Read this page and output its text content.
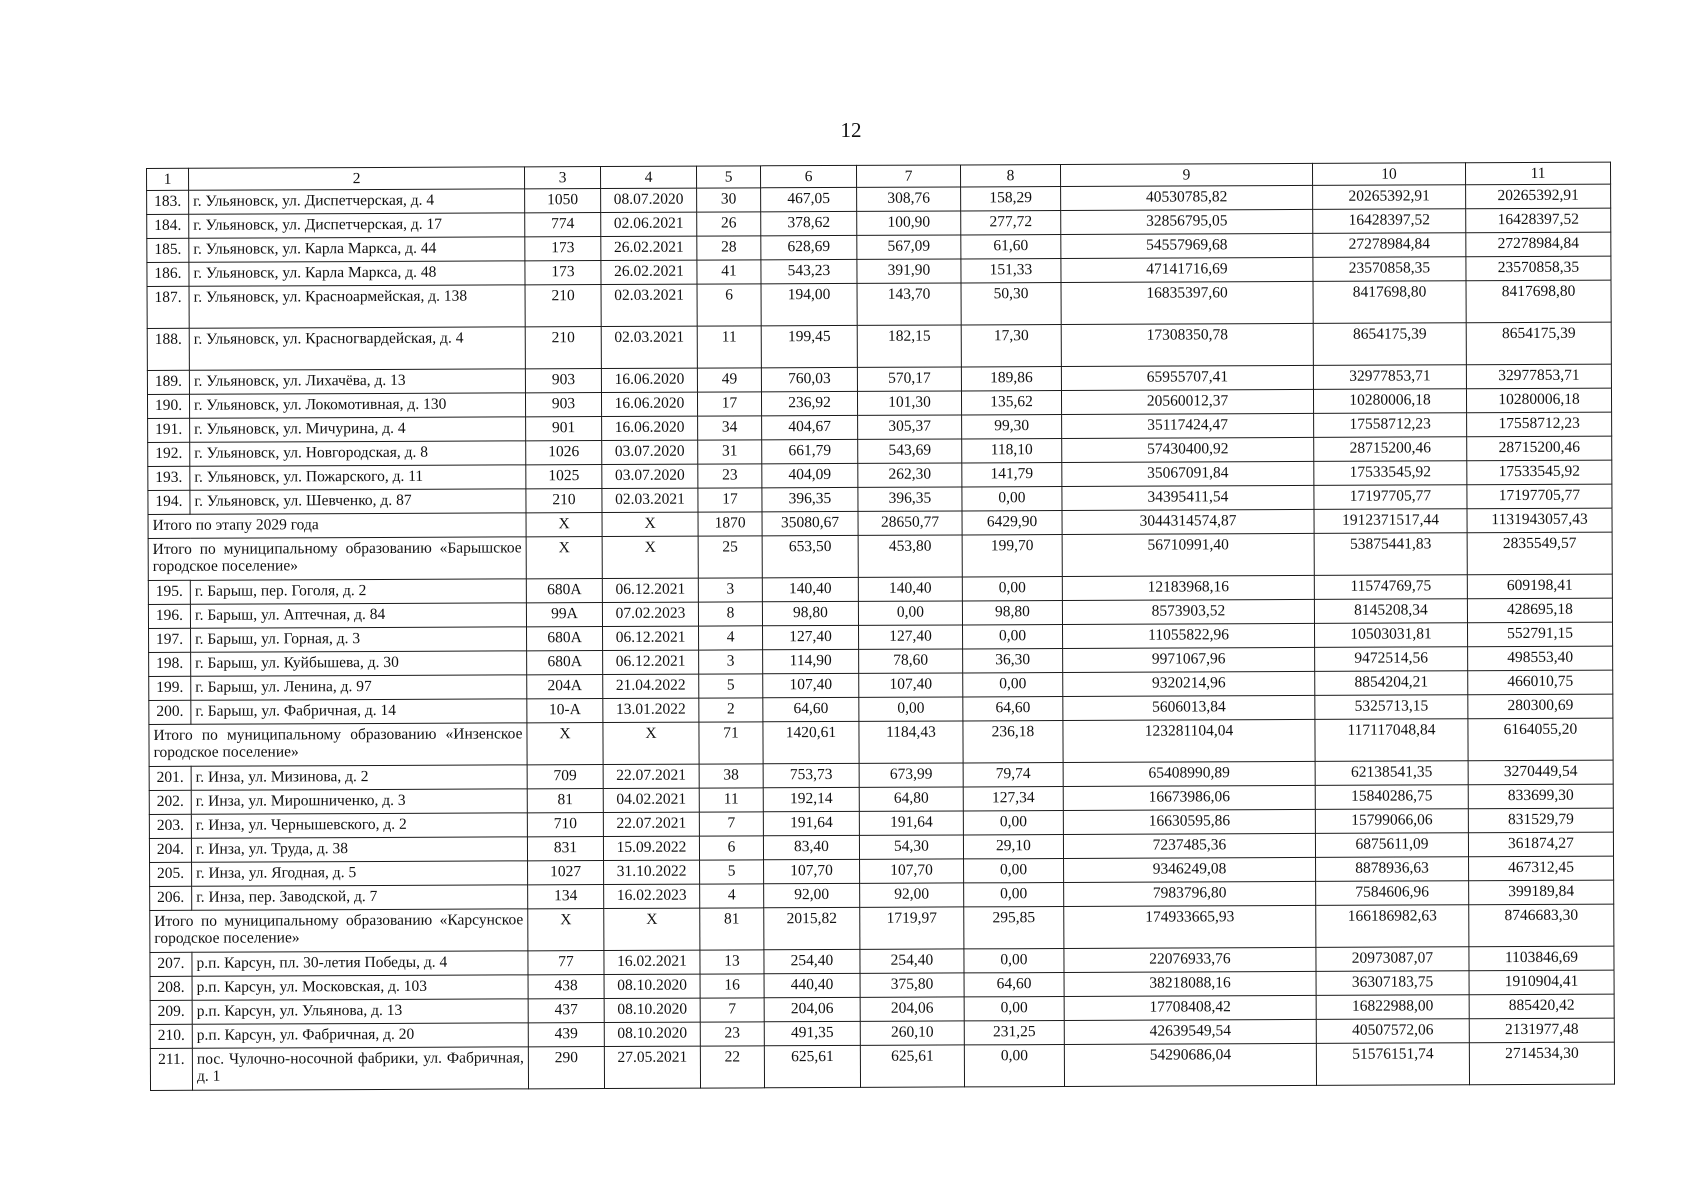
12
1	2	3	4	5	6	7	8	9	10	11
183.	г. Ульяновск, ул. Диспетчерская, д. 4	1050	08.07.2020	30	467,05	308,76	158,29	40530785,82	20265392,91	20265392,91
184.	г. Ульяновск, ул. Диспетчерская, д. 17	774	02.06.2021	26	378,62	100,90	277,72	32856795,05	16428397,52	16428397,52
185.	г. Ульяновск, ул. Карла Маркса, д. 44	173	26.02.2021	28	628,69	567,09	61,60	54557969,68	27278984,84	27278984,84
186.	г. Ульяновск, ул. Карла Маркса, д. 48	173	26.02.2021	41	543,23	391,90	151,33	47141716,69	23570858,35	23570858,35
187.	г. Ульяновск, ул. Красноармейская, д. 138	210	02.03.2021	6	194,00	143,70	50,30	16835397,60	8417698,80	8417698,80
188.	г. Ульяновск, ул. Красногвардейская, д. 4	210	02.03.2021	11	199,45	182,15	17,30	17308350,78	8654175,39	8654175,39
189.	г. Ульяновск, ул. Лихачёва, д. 13	903	16.06.2020	49	760,03	570,17	189,86	65955707,41	32977853,71	32977853,71
190.	г. Ульяновск, ул. Локомотивная, д. 130	903	16.06.2020	17	236,92	101,30	135,62	20560012,37	10280006,18	10280006,18
191.	г. Ульяновск, ул. Мичурина, д. 4	901	16.06.2020	34	404,67	305,37	99,30	35117424,47	17558712,23	17558712,23
192.	г. Ульяновск, ул. Новгородская, д. 8	1026	03.07.2020	31	661,79	543,69	118,10	57430400,92	28715200,46	28715200,46
193.	г. Ульяновск, ул. Пожарского, д. 11	1025	03.07.2020	23	404,09	262,30	141,79	35067091,84	17533545,92	17533545,92
194.	г. Ульяновск, ул. Шевченко, д. 87	210	02.03.2021	17	396,35	396,35	0,00	34395411,54	17197705,77	17197705,77
Итого по этапу 2029 года		X	X	1870	35080,67	28650,77	6429,90	3044314574,87	1912371517,44	1131943057,43
Итого по муниципальному образованию «Барышское городское поселение»		X	X	25	653,50	453,80	199,70	56710991,40	53875441,83	2835549,57
195.	г. Барыш, пер. Гоголя, д. 2	680А	06.12.2021	3	140,40	140,40	0,00	12183968,16	11574769,75	609198,41
196.	г. Барыш, ул. Аптечная, д. 84	99А	07.02.2023	8	98,80	0,00	98,80	8573903,52	8145208,34	428695,18
197.	г. Барыш, ул. Горная, д. 3	680А	06.12.2021	4	127,40	127,40	0,00	11055822,96	10503031,81	552791,15
198.	г. Барыш, ул. Куйбышева, д. 30	680А	06.12.2021	3	114,90	78,60	36,30	9971067,96	9472514,56	498553,40
199.	г. Барыш, ул. Ленина, д. 97	204А	21.04.2022	5	107,40	107,40	0,00	9320214,96	8854204,21	466010,75
200.	г. Барыш, ул. Фабричная, д. 14	10-А	13.01.2022	2	64,60	0,00	64,60	5606013,84	5325713,15	280300,69
Итого по муниципальному образованию «Инзенское городское поселение»		X	X	71	1420,61	1184,43	236,18	123281104,04	117117048,84	6164055,20
201.	г. Инза, ул. Мизинова, д. 2	709	22.07.2021	38	753,73	673,99	79,74	65408990,89	62138541,35	3270449,54
202.	г. Инза, ул. Мирошниченко, д. 3	81	04.02.2021	11	192,14	64,80	127,34	16673986,06	15840286,75	833699,30
203.	г. Инза, ул. Чернышевского, д. 2	710	22.07.2021	7	191,64	191,64	0,00	16630595,86	15799066,06	831529,79
204.	г. Инза, ул. Труда, д. 38	831	15.09.2022	6	83,40	54,30	29,10	7237485,36	6875611,09	361874,27
205.	г. Инза, ул. Ягодная, д. 5	1027	31.10.2022	5	107,70	107,70	0,00	9346249,08	8878936,63	467312,45
206.	г. Инза, пер. Заводской, д. 7	134	16.02.2023	4	92,00	92,00	0,00	7983796,80	7584606,96	399189,84
Итого по муниципальному образованию «Карсунское городское поселение»		X	X	81	2015,82	1719,97	295,85	174933665,93	166186982,63	8746683,30
207.	р.п. Карсун, пл. 30-летия Победы, д. 4	77	16.02.2021	13	254,40	254,40	0,00	22076933,76	20973087,07	1103846,69
208.	р.п. Карсун, ул. Московская, д. 103	438	08.10.2020	16	440,40	375,80	64,60	38218088,16	36307183,75	1910904,41
209.	р.п. Карсун, ул. Ульянова, д. 13	437	08.10.2020	7	204,06	204,06	0,00	17708408,42	16822988,00	885420,42
210.	р.п. Карсун, ул. Фабричная, д. 20	439	08.10.2020	23	491,35	260,10	231,25	42639549,54	40507572,06	2131977,48
211.	пос. Чулочно-носочной фабрики, ул. Фабричная, д. 1	290	27.05.2021	22	625,61	625,61	0,00	54290686,04	51576151,74	2714534,30
